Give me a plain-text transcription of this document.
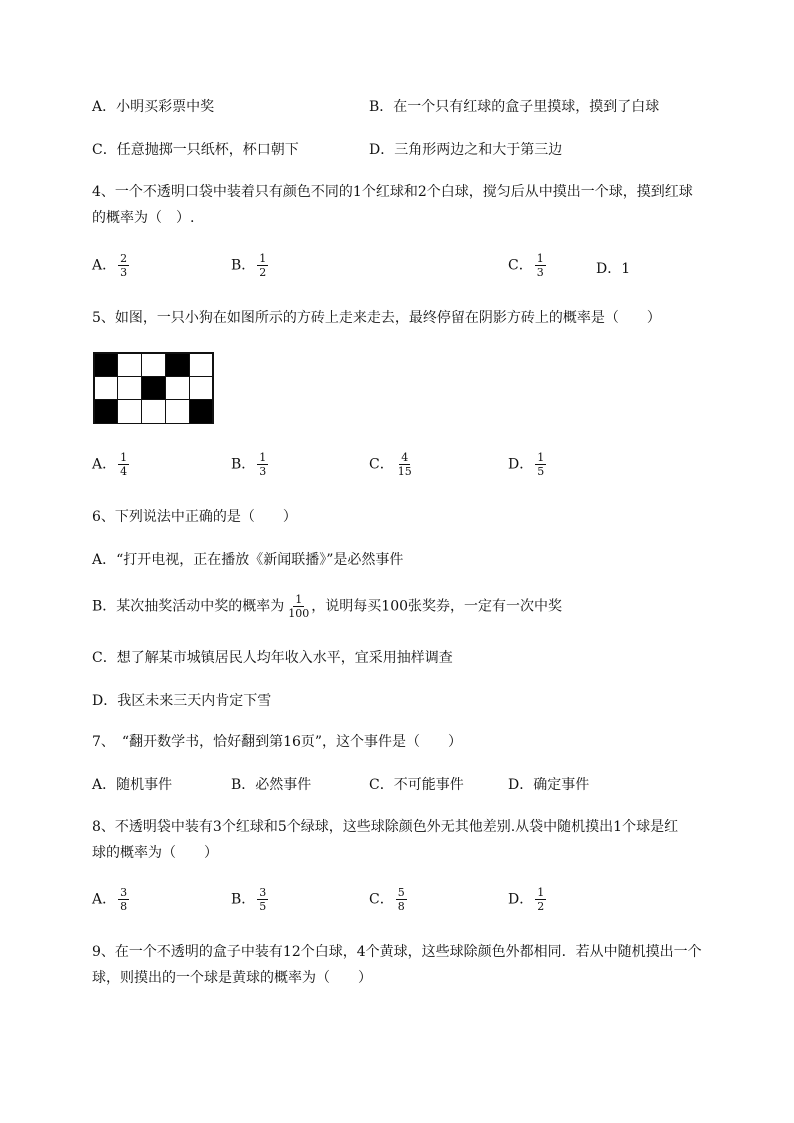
A．小明买彩票中奖	B．在一个只有红球的盒子里摸球，摸到了白球
C．任意抛掷一只纸杯，杯口朝下	D．三角形两边之和大于第三边
4、一个不透明口袋中装着只有颜色不同的1个红球和2个白球，搅匀后从中摸出一个球，摸到红球
的概率为（　）.
A． $\frac{2}{3}$	B． $\frac{1}{2}$	C． $\frac{1}{3}$	D．1
5、如图，一只小狗在如图所示的方砖上走来走去，最终停留在阴影方砖上的概率是（　　）
A． $\frac{1}{4}$	B． $\frac{1}{3}$	C． $\frac{4}{15}$	D． $\frac{1}{5}$
6、下列说法中正确的是（　　）
A．“打开电视，正在播放《新闻联播》”是必然事件
B．某次抽奖活动中奖的概率为 $\frac{1}{100}$ ，说明每买100张奖券，一定有一次中奖
C．想了解某市城镇居民人均年收入水平，宜采用抽样调查
D．我区未来三天内肯定下雪
7、　“翻开数学书，恰好翻到第16页”，这个事件是（　　）
A．随机事件	B．必然事件	C．不可能事件	D．确定事件
8、不透明袋中装有3个红球和5个绿球，这些球除颜色外无其他差别.从袋中随机摸出1个球是红
球的概率为（　　）
A． $\frac{3}{8}$	B． $\frac{3}{5}$	C． $\frac{5}{8}$	D． $\frac{1}{2}$
9、在一个不透明的盒子中装有12个白球，4个黄球，这些球除颜色外都相同．若从中随机摸出一个
球，则摸出的一个球是黄球的概率为（　　）
